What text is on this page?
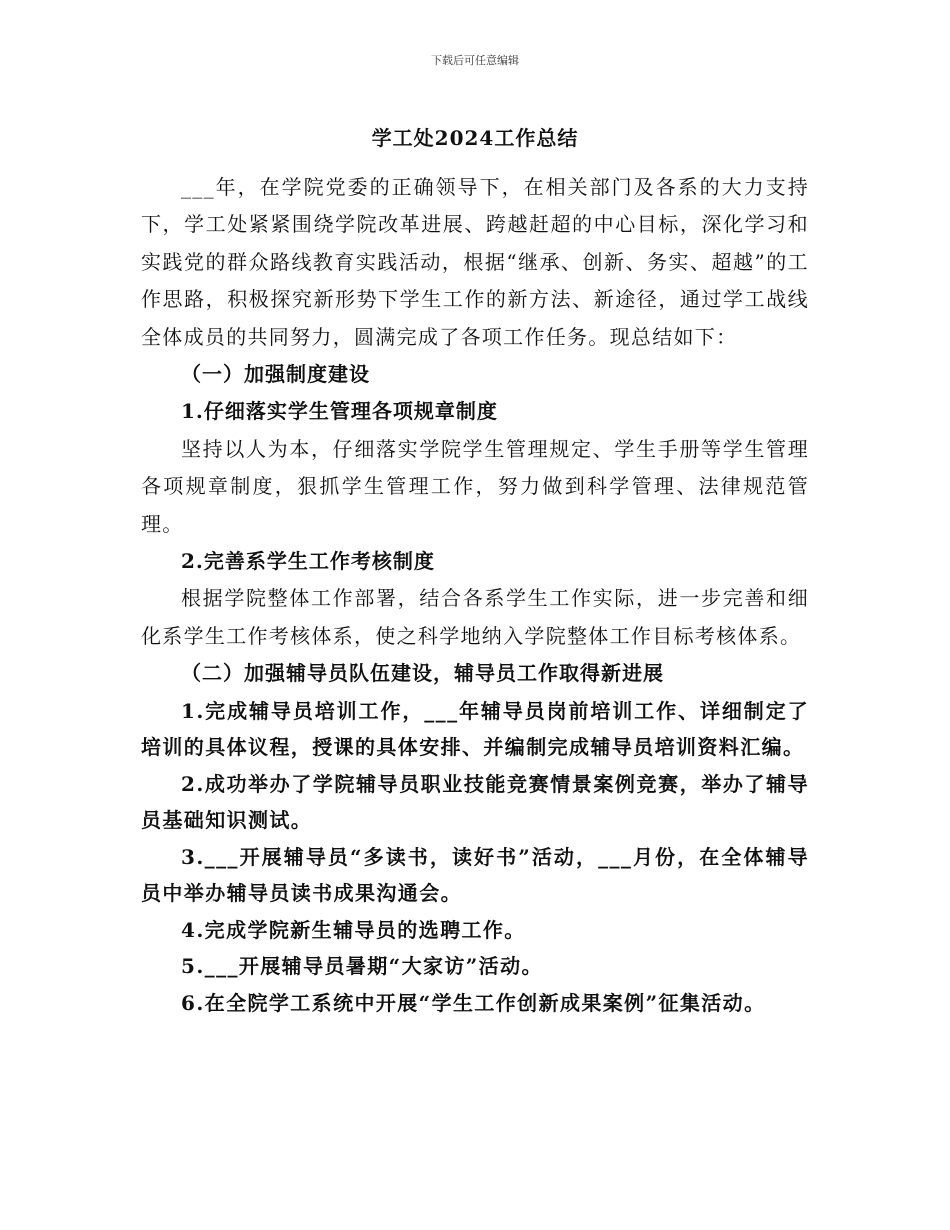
下载后可任意编辑
学工处2024工作总结

___年，在学院党委的正确领导下，在相关部门及各系的大力支持下，学工处紧紧围绕学院改革进展、跨越赶超的中心目标，深化学习和实践党的群众路线教育实践活动，根据“继承、创新、务实、超越”的工作思路，积极探究新形势下学生工作的新方法、新途径，通过学工战线全体成员的共同努力，圆满完成了各项工作任务。现总结如下：

（一）加强制度建设

1.仔细落实学生管理各项规章制度

坚持以人为本，仔细落实学院学生管理规定、学生手册等学生管理各项规章制度，狠抓学生管理工作，努力做到科学管理、法律规范管理。

2.完善系学生工作考核制度

根据学院整体工作部署，结合各系学生工作实际，进一步完善和细化系学生工作考核体系，使之科学地纳入学院整体工作目标考核体系。

（二）加强辅导员队伍建设，辅导员工作取得新进展

1.完成辅导员培训工作，___年辅导员岗前培训工作、详细制定了培训的具体议程，授课的具体安排、并编制完成辅导员培训资料汇编。

2.成功举办了学院辅导员职业技能竞赛情景案例竞赛，举办了辅导员基础知识测试。

3.___开展辅导员“多读书，读好书”活动，___月份，在全体辅导员中举办辅导员读书成果沟通会。

4.完成学院新生辅导员的选聘工作。

5.___开展辅导员暑期“大家访”活动。

6.在全院学工系统中开展“学生工作创新成果案例”征集活动。
